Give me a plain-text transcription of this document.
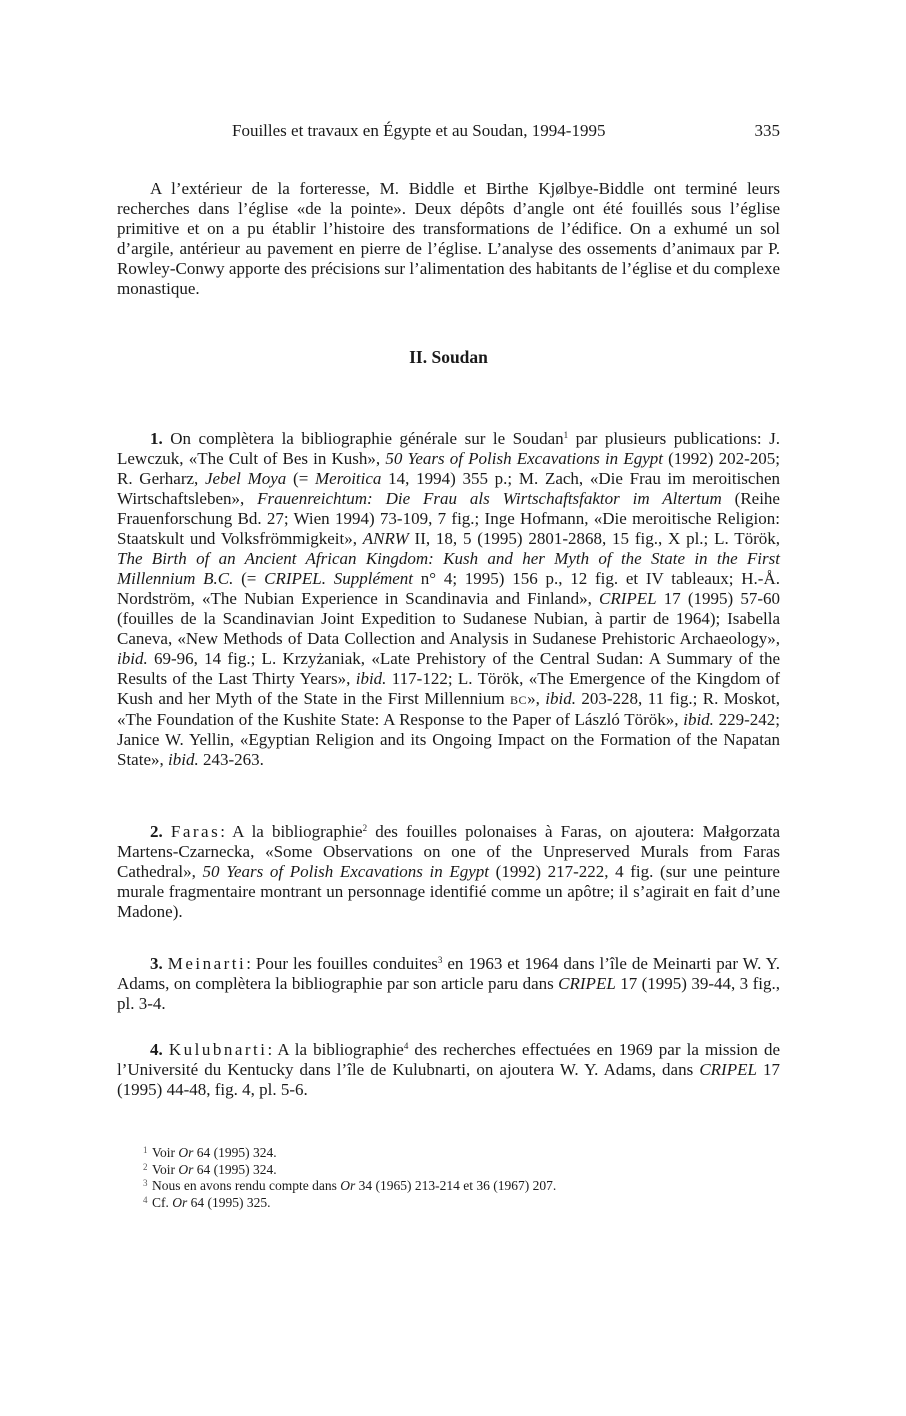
Fouilles et travaux en Égypte et au Soudan, 1994-1995	335

A l’extérieur de la forteresse, M. Biddle et Birthe Kjølbye-Biddle ont terminé leurs recherches dans l’église «de la pointe». Deux dépôts d’angle ont été fouillés sous l’église primitive et on a pu établir l’histoire des transformations de l’édifice. On a exhumé un sol d’argile, antérieur au pavement en pierre de l’église. L’analyse des ossements d’animaux par P. Rowley-Conwy apporte des précisions sur l’alimentation des habitants de l’église et du complexe monastique.

II. Soudan

1. On complètera la bibliographie générale sur le Soudan$^1$ par plusieurs publications: J. Lewczuk, «The Cult of Bes in Kush», 50 Years of Polish Excavations in Egypt (1992) 202-205; R. Gerharz, Jebel Moya (= Meroitica 14, 1994) 355 p.; M. Zach, «Die Frau im meroitischen Wirtschaftsleben», Frauenreichtum: Die Frau als Wirtschaftsfaktor im Altertum (Reihe Frauenforschung Bd. 27; Wien 1994) 73-109, 7 fig.; Inge Hofmann, «Die meroitische Religion: Staatskult und Volksfrömmigkeit», ANRW II, 18, 5 (1995) 2801-2868, 15 fig., X pl.; L. Török, The Birth of an Ancient African Kingdom: Kush and her Myth of the State in the First Millennium B.C. (= CRIPEL. Supplément n° 4; 1995) 156 p., 12 fig. et IV tableaux; H.-Å. Nordström, «The Nubian Experience in Scandinavia and Finland», CRIPEL 17 (1995) 57-60 (fouilles de la Scandinavian Joint Expedition to Sudanese Nubian, à partir de 1964); Isabella Caneva, «New Methods of Data Collection and Analysis in Sudanese Prehistoric Archaeology», ibid. 69-96, 14 fig.; L. Krzyżaniak, «Late Prehistory of the Central Sudan: A Summary of the Results of the Last Thirty Years», ibid. 117-122; L. Török, «The Emergence of the Kingdom of Kush and her Myth of the State in the First Millennium BC», ibid. 203-228, 11 fig.; R. Moskot, «The Foundation of the Kushite State: A Response to the Paper of László Török», ibid. 229-242; Janice W. Yellin, «Egyptian Religion and its Ongoing Impact on the Formation of the Napatan State», ibid. 243-263.

2. Faras: A la bibliographie$^2$ des fouilles polonaises à Faras, on ajoutera: Małgorzata Martens-Czarnecka, «Some Observations on one of the Unpreserved Murals from Faras Cathedral», 50 Years of Polish Excavations in Egypt (1992) 217-222, 4 fig. (sur une peinture murale fragmentaire montrant un personnage identifié comme un apôtre; il s’agirait en fait d’une Madone).

3. Meinarti: Pour les fouilles conduites$^3$ en 1963 et 1964 dans l’île de Meinarti par W. Y. Adams, on complètera la bibliographie par son article paru dans CRIPEL 17 (1995) 39-44, 3 fig., pl. 3-4.

4. Kulubnarti: A la bibliographie$^4$ des recherches effectuées en 1969 par la mission de l’Université du Kentucky dans l’île de Kulubnarti, on ajoutera W. Y. Adams, dans CRIPEL 17 (1995) 44-48, fig. 4, pl. 5-6.

1 Voir Or 64 (1995) 324.
2 Voir Or 64 (1995) 324.
3 Nous en avons rendu compte dans Or 34 (1965) 213-214 et 36 (1967) 207.
4 Cf. Or 64 (1995) 325.
